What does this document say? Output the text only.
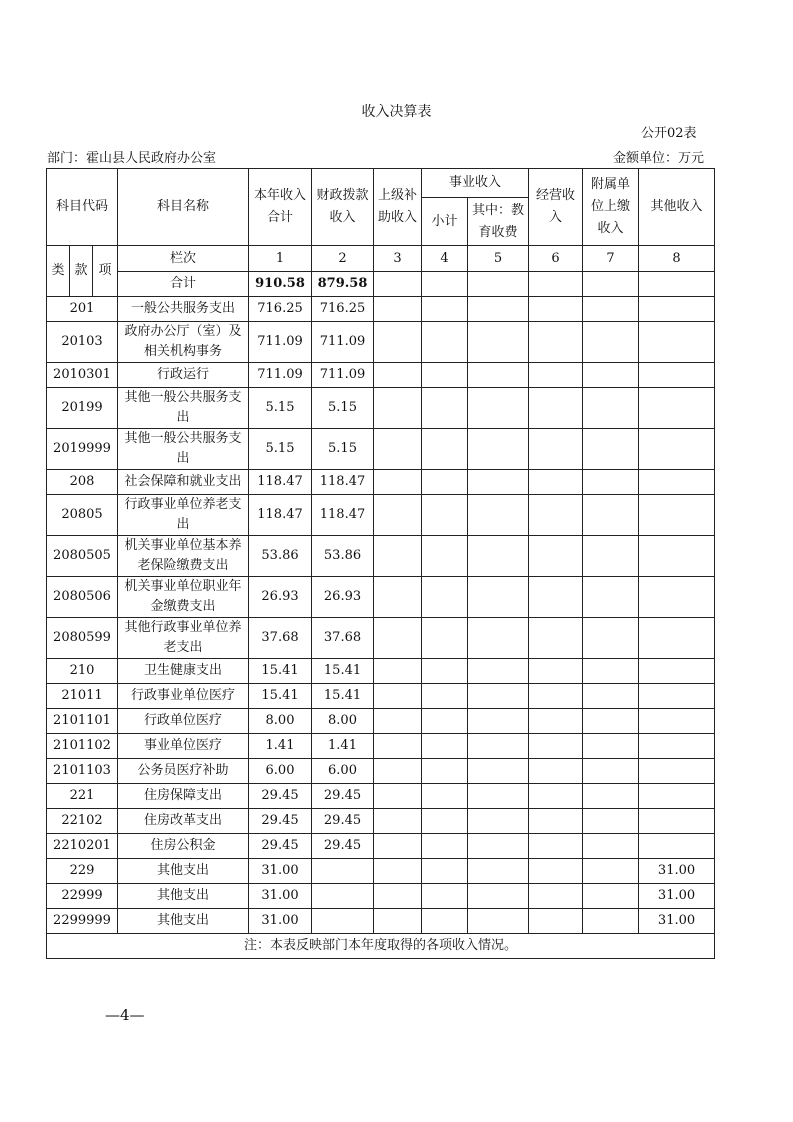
收入决算表
公开02表
部门：霍山县人民政府办公室	金额单位：万元
科目代码			科目名称	本年收入合计	财政拨款收入	上级补助收入	事业收入		经营收入	附属单位上缴收入	其他收入
							小计	其中：教育收费			
类	款	项	栏次	1	2	3	4	5	6	7	8
			合计	910.58	879.58						
201			一般公共服务支出	716.25	716.25						
20103			政府办公厅（室）及相关机构事务	711.09	711.09						
2010301			行政运行	711.09	711.09						
20199			其他一般公共服务支出	5.15	5.15						
2019999			其他一般公共服务支出	5.15	5.15						
208			社会保障和就业支出	118.47	118.47						
20805			行政事业单位养老支出	118.47	118.47						
2080505			机关事业单位基本养老保险缴费支出	53.86	53.86						
2080506			机关事业单位职业年金缴费支出	26.93	26.93						
2080599			其他行政事业单位养老支出	37.68	37.68						
210			卫生健康支出	15.41	15.41						
21011			行政事业单位医疗	15.41	15.41						
2101101			行政单位医疗	8.00	8.00						
2101102			事业单位医疗	1.41	1.41						
2101103			公务员医疗补助	6.00	6.00						
221			住房保障支出	29.45	29.45						
22102			住房改革支出	29.45	29.45						
2210201			住房公积金	29.45	29.45						
229			其他支出	31.00							31.00
22999			其他支出	31.00							31.00
2299999			其他支出	31.00							31.00
注：本表反映部门本年度取得的各项收入情况。											
—4—
